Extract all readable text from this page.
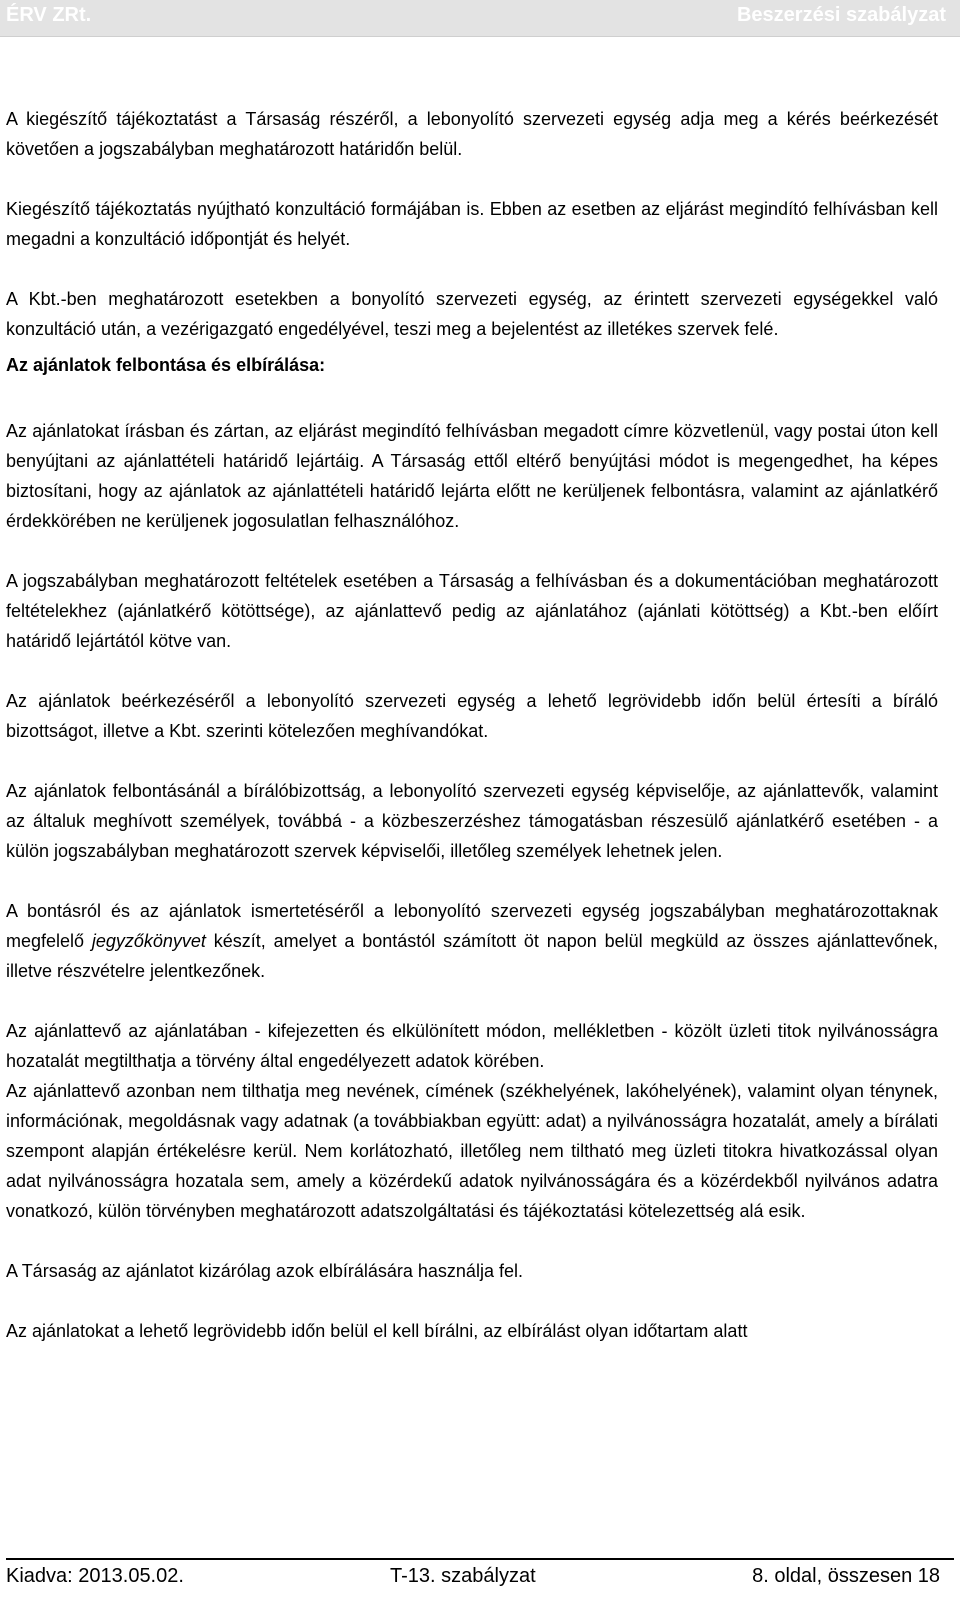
ÉRV ZRt.	Beszerzési szabályzat

A kiegészítő tájékoztatást a Társaság részéről, a lebonyolító szervezeti egység adja meg a kérés beérkezését követően a jogszabályban meghatározott határidőn belül.

Kiegészítő tájékoztatás nyújtható konzultáció formájában is. Ebben az esetben az eljárást megindító felhívásban kell megadni a konzultáció időpontját és helyét.

A Kbt.-ben meghatározott esetekben a bonyolító szervezeti egység, az érintett szervezeti egységekkel való konzultáció után, a vezérigazgató engedélyével, teszi meg a bejelentést az illetékes szervek felé.

Az ajánlatok felbontása és elbírálása:

Az ajánlatokat írásban és zártan, az eljárást megindító felhívásban megadott címre közvetlenül, vagy postai úton kell benyújtani az ajánlattételi határidő lejártáig. A Társaság ettől eltérő benyújtási módot is megengedhet, ha képes biztosítani, hogy az ajánlatok az ajánlattételi határidő lejárta előtt ne kerüljenek felbontásra, valamint az ajánlatkérő érdekkörében ne kerüljenek jogosulatlan felhasználóhoz.

A jogszabályban meghatározott feltételek esetében a Társaság a felhívásban és a dokumentációban meghatározott feltételekhez (ajánlatkérő kötöttsége), az ajánlattevő pedig az ajánlatához (ajánlati kötöttség) a Kbt.-ben előírt határidő lejártától kötve van.

Az ajánlatok beérkezéséről a lebonyolító szervezeti egység a lehető legrövidebb időn belül értesíti a bíráló bizottságot, illetve a Kbt. szerinti kötelezően meghívandókat.

Az ajánlatok felbontásánál a bírálóbizottság, a lebonyolító szervezeti egység képviselője, az ajánlattevők, valamint az általuk meghívott személyek, továbbá - a közbeszerzéshez támogatásban részesülő ajánlatkérő esetében - a külön jogszabályban meghatározott szervek képviselői, illetőleg személyek lehetnek jelen.

A bontásról és az ajánlatok ismertetéséről a lebonyolító szervezeti egység jogszabályban meghatározottaknak megfelelő jegyzőkönyvet készít, amelyet a bontástól számított öt napon belül megküld az összes ajánlattevőnek, illetve részvételre jelentkezőnek.

Az ajánlattevő az ajánlatában - kifejezetten és elkülönített módon, mellékletben - közölt üzleti titok nyilvánosságra hozatalát megtilthatja a törvény által engedélyezett adatok körében.

Az ajánlattevő azonban nem tilthatja meg nevének, címének (székhelyének, lakóhelyének), valamint olyan ténynek, információnak, megoldásnak vagy adatnak (a továbbiakban együtt: adat) a nyilvánosságra hozatalát, amely a bírálati szempont alapján értékelésre kerül. Nem korlátozható, illetőleg nem tiltható meg üzleti titokra hivatkozással olyan adat nyilvánosságra hozatala sem, amely a közérdekű adatok nyilvánosságára és a közérdekből nyilvános adatra vonatkozó, külön törvényben meghatározott adatszolgáltatási és tájékoztatási kötelezettség alá esik.

A Társaság az ajánlatot kizárólag azok elbírálására használja fel.

Az ajánlatokat a lehető legrövidebb időn belül el kell bírálni, az elbírálást olyan időtartam alatt

Kiadva: 2013.05.02.	T-13. szabályzat	8. oldal, összesen 18
